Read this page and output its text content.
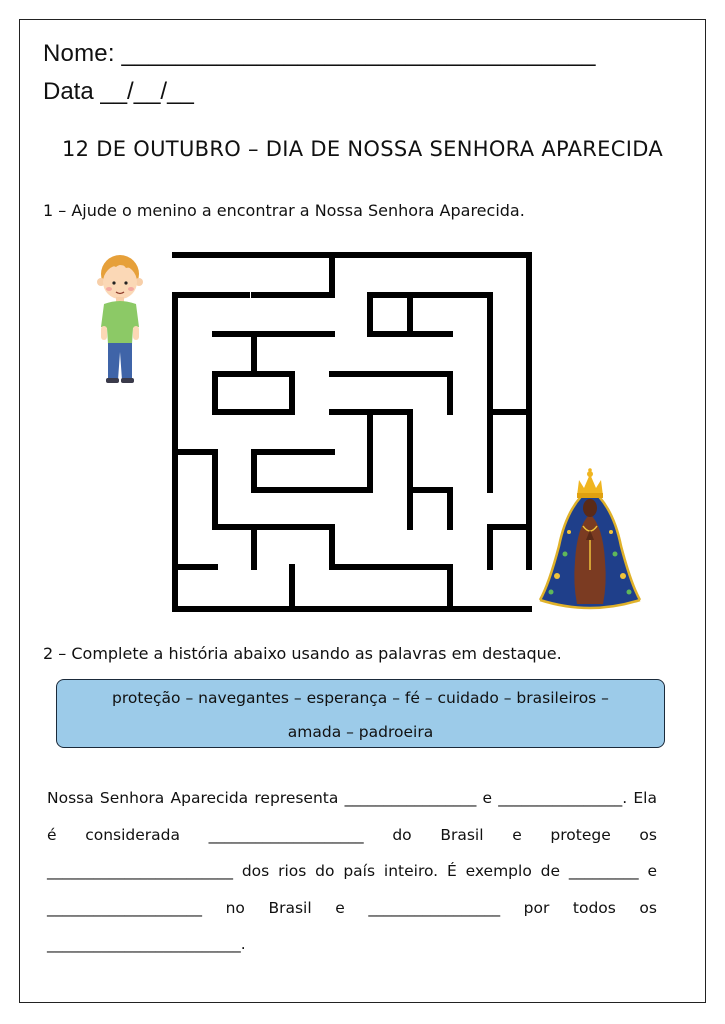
Nome: ___________________________________
Data __/__/__
12 DE OUTUBRO – DIA DE NOSSA SENHORA APARECIDA
1 – Ajude o menino a encontrar a Nossa Senhora Aparecida.
2 – Complete a história abaixo usando as palavras em destaque.
proteção – navegantes – esperança – fé – cuidado – brasileiros –
amada – padroeira
Nossa Senhora Aparecida representa _________________ e ________________. Ela é considerada ____________________ do Brasil e protege os ________________________ dos rios do país inteiro. É exemplo de _________ e ____________________ no Brasil e _________________ por todos os _________________________.
